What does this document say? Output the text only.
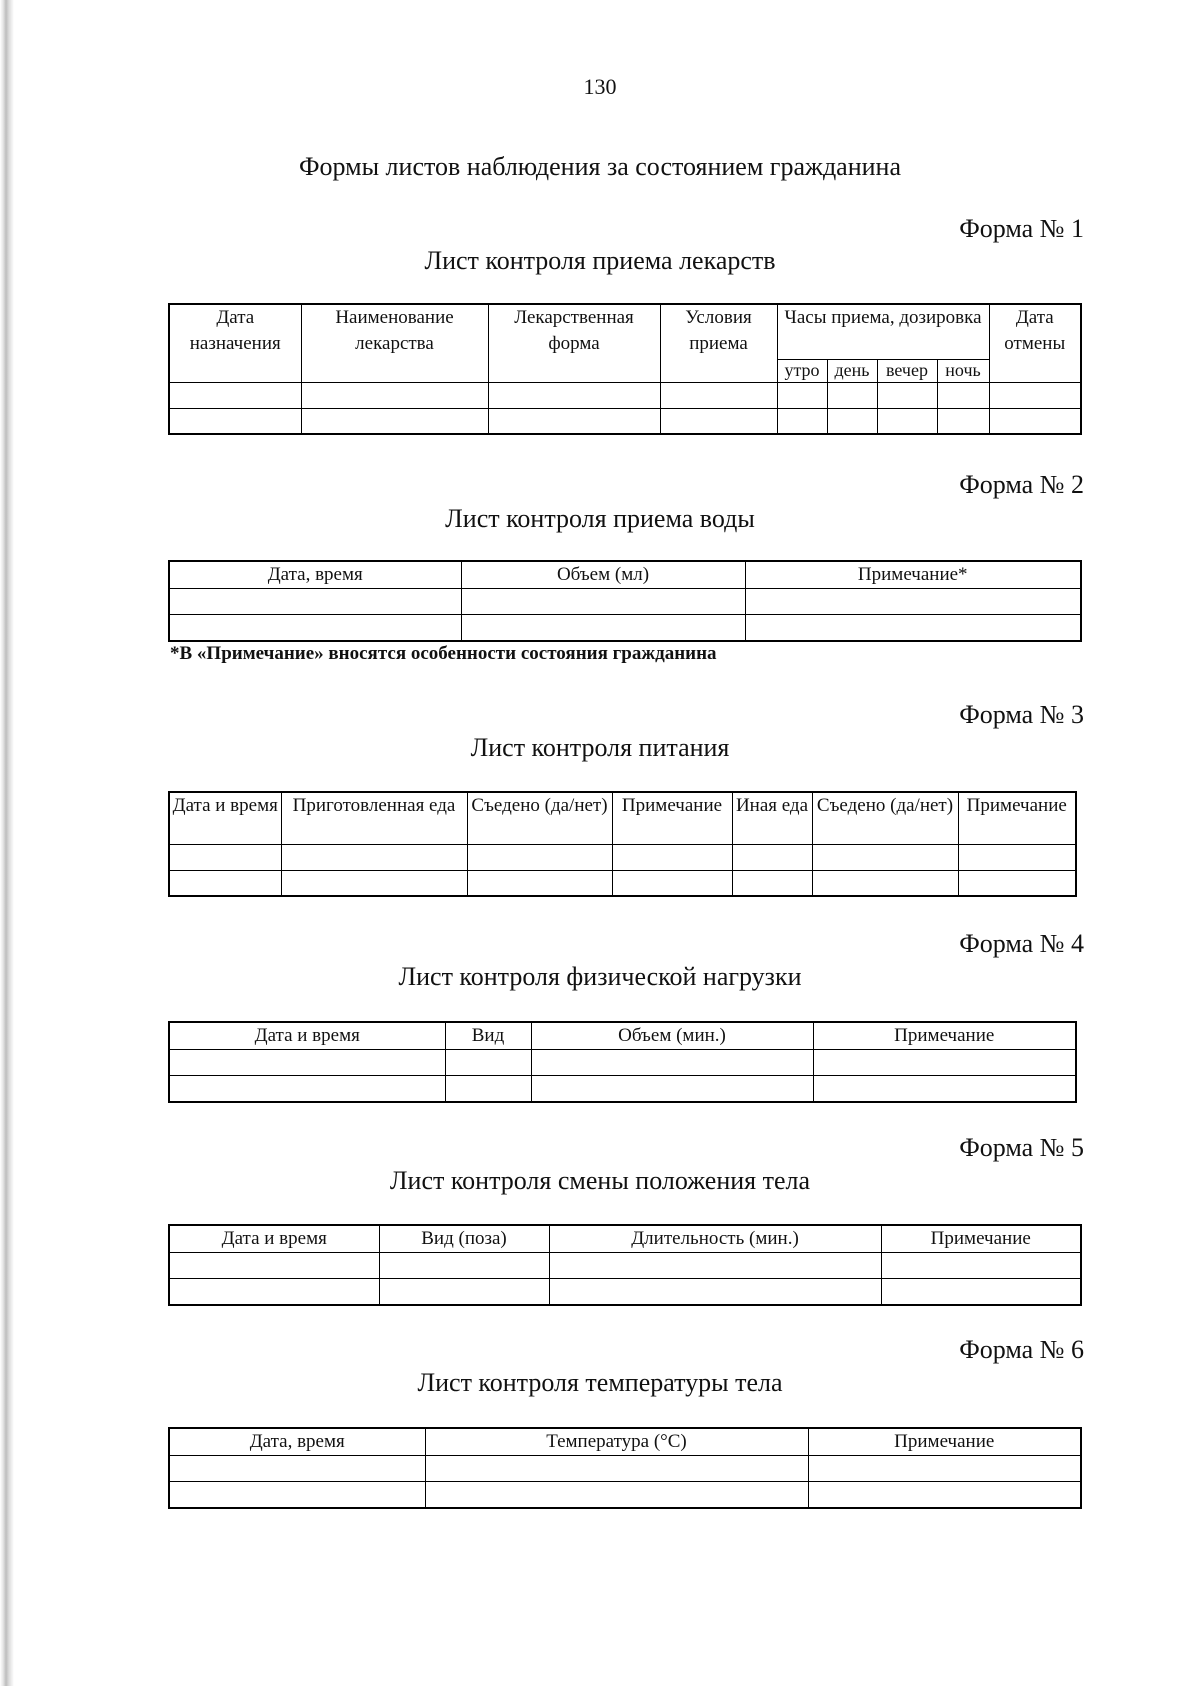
130
Формы листов наблюдения за состоянием гражданина
Форма № 1
Лист контроля приема лекарств
Дата назначения	Наименование лекарства	Лекарственная форма	Условия приема	Часы приема, дозировка				Дата отмены
				утро	день	вечер	ночь	

Форма № 2
Лист контроля приема воды
Дата, время	Объем (мл)	Примечание*

*В «Примечание» вносятся особенности состояния гражданина
Форма № 3
Лист контроля питания
Дата и время	Приготовленная еда	Съедено (да/нет)	Примечание	Иная еда	Съедено (да/нет)	Примечание

Форма № 4
Лист контроля физической нагрузки
Дата и время	Вид	Объем (мин.)	Примечание

Форма № 5
Лист контроля смены положения тела
Дата и время	Вид (поза)	Длительность (мин.)	Примечание

Форма № 6
Лист контроля температуры тела
Дата, время	Температура (°C)	Примечание
